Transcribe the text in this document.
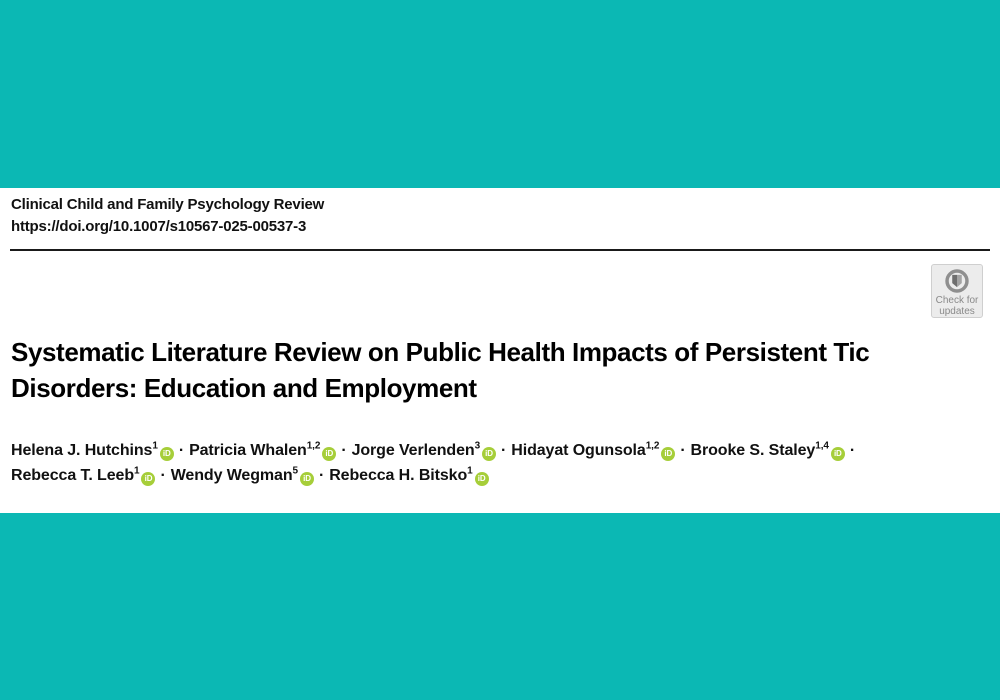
Clinical Child and Family Psychology Review
https://doi.org/10.1007/s10567-025-00537-3
Check for
updates
Systematic Literature Review on Public Health Impacts of Persistent Tic
Disorders: Education and Employment
Helena J. Hutchins$^1$iD · Patricia Whalen$^{1,2}$iD · Jorge Verlenden$^3$iD · Hidayat Ogunsola$^{1,2}$iD · Brooke S. Staley$^{1,4}$iD ·
Rebecca T. Leeb$^1$iD · Wendy Wegman$^5$iD · Rebecca H. Bitsko$^1$iD
